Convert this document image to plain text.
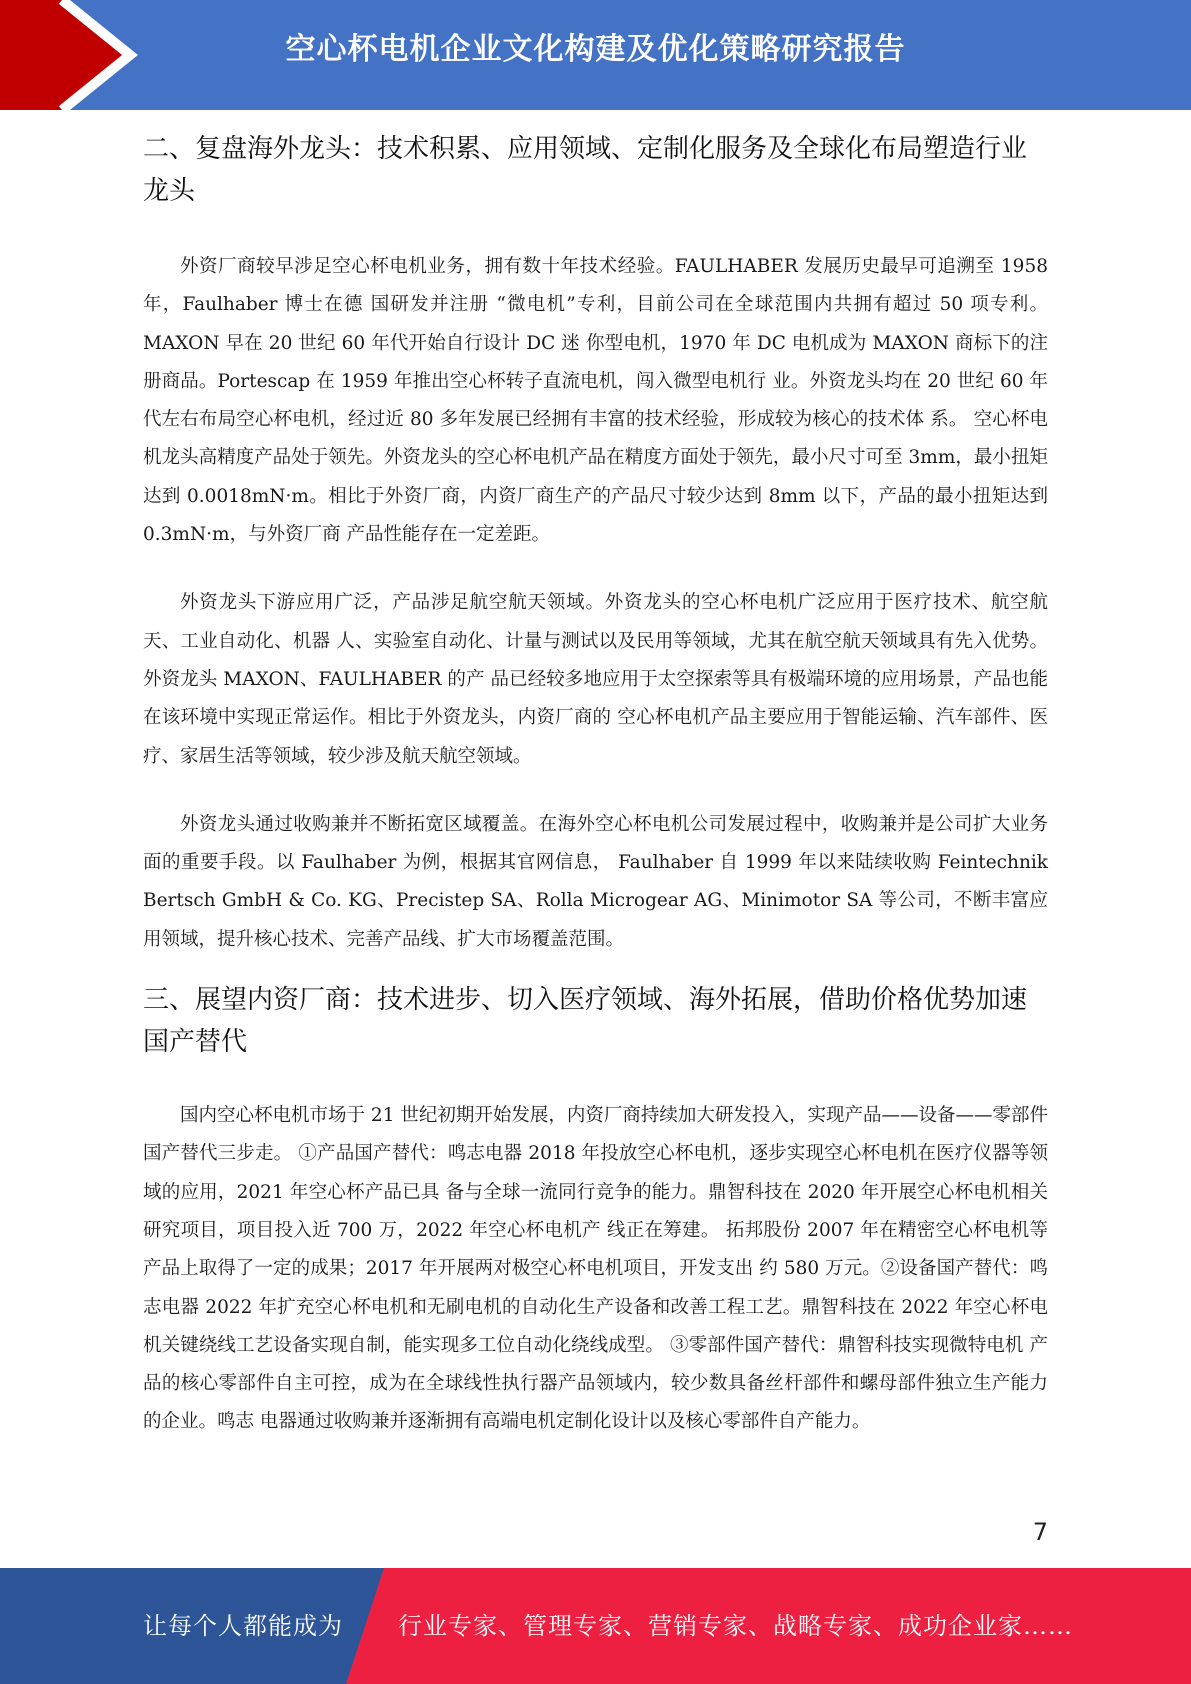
空心杯电机企业文化构建及优化策略研究报告
二、复盘海外龙头：技术积累、应用领域、定制化服务及全球化布局塑造行业龙头

外资厂商较早涉足空心杯电机业务，拥有数十年技术经验。FAULHABER 发展历史最早可追溯至 1958 年，Faulhaber 博士在德 国研发并注册 “微电机”专利，目前公司在全球范围内共拥有超过 50 项专利。MAXON 早在 20 世纪 60 年代开始自行设计 DC 迷 你型电机，1970 年 DC 电机成为 MAXON 商标下的注册商品。Portescap 在 1959 年推出空心杯转子直流电机，闯入微型电机行 业。外资龙头均在 20 世纪 60 年代左右布局空心杯电机，经过近 80 多年发展已经拥有丰富的技术经验，形成较为核心的技术体 系。 空心杯电机龙头高精度产品处于领先。外资龙头的空心杯电机产品在精度方面处于领先，最小尺寸可至 3mm，最小扭矩达到 0.0018mN·m。相比于外资厂商，内资厂商生产的产品尺寸较少达到 8mm 以下，产品的最小扭矩达到 0.3mN·m，与外资厂商 产品性能存在一定差距。

外资龙头下游应用广泛，产品涉足航空航天领域。外资龙头的空心杯电机广泛应用于医疗技术、航空航天、工业自动化、机器 人、实验室自动化、计量与测试以及民用等领域，尤其在航空航天领域具有先入优势。外资龙头 MAXON、FAULHABER 的产 品已经较多地应用于太空探索等具有极端环境的应用场景，产品也能在该环境中实现正常运作。相比于外资龙头，内资厂商的 空心杯电机产品主要应用于智能运输、汽车部件、医疗、家居生活等领域，较少涉及航天航空领域。

外资龙头通过收购兼并不断拓宽区域覆盖。在海外空心杯电机公司发展过程中，收购兼并是公司扩大业务面的重要手段。以 Faulhaber 为例，根据其官网信息， Faulhaber 自 1999 年以来陆续收购 Feintechnik Bertsch GmbH & Co. KG、Precistep SA、Rolla Microgear AG、Minimotor SA 等公司，不断丰富应用领域，提升核心技术、完善产品线、扩大市场覆盖范围。

三、展望内资厂商：技术进步、切入医疗领域、海外拓展，借助价格优势加速国产替代

国内空心杯电机市场于 21 世纪初期开始发展，内资厂商持续加大研发投入，实现产品——设备——零部件国产替代三步走。 ①产品国产替代：鸣志电器 2018 年投放空心杯电机，逐步实现空心杯电机在医疗仪器等领域的应用，2021 年空心杯产品已具 备与全球一流同行竞争的能力。鼎智科技在 2020 年开展空心杯电机相关研究项目，项目投入近 700 万，2022 年空心杯电机产 线正在筹建。 拓邦股份 2007 年在精密空心杯电机等产品上取得了一定的成果；2017 年开展两对极空心杯电机项目，开发支出 约 580 万元。②设备国产替代：鸣志电器 2022 年扩充空心杯电机和无刷电机的自动化生产设备和改善工程工艺。鼎智科技在 2022 年空心杯电机关键绕线工艺设备实现自制，能实现多工位自动化绕线成型。 ③零部件国产替代：鼎智科技实现微特电机 产品的核心零部件自主可控，成为在全球线性执行器产品领域内，较少数具备丝杆部件和螺母部件独立生产能力的企业。鸣志 电器通过收购兼并逐渐拥有高端电机定制化设计以及核心零部件自产能力。

7
让每个人都能成为 行业专家、管理专家、营销专家、战略专家、成功企业家……
